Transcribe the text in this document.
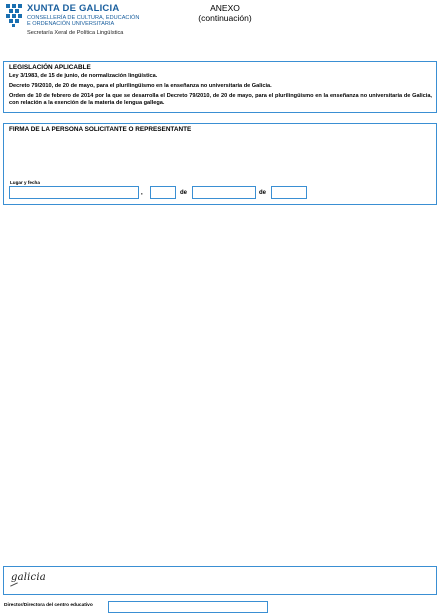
XUNTA DE GALICIA
CONSELLERÍA DE CULTURA, EDUCACIÓN
E ORDENACIÓN UNIVERSITARIA
Secretaría Xeral de Política Lingüística
ANEXO
(continuación)
LEGISLACIÓN APLICABLE
Ley 3/1983, de 15 de junio, de normalización lingüística.
Decreto 79/2010, de 20 de mayo, para el plurilingüismo en la enseñanza no universitaria de Galicia.
Orden de 10 de febrero de 2014 por la que se desarrolla el Decreto 79/2010, de 20 de mayo, para el plurilingüismo en la enseñanza no universitaria de Galicia, con relación a la exención de la materia de lengua gallega.
FIRMA DE LA PERSONA SOLICITANTE O REPRESENTANTE
Lugar y fecha
,	de	de
galicia
Director/Directora del centro educativo
